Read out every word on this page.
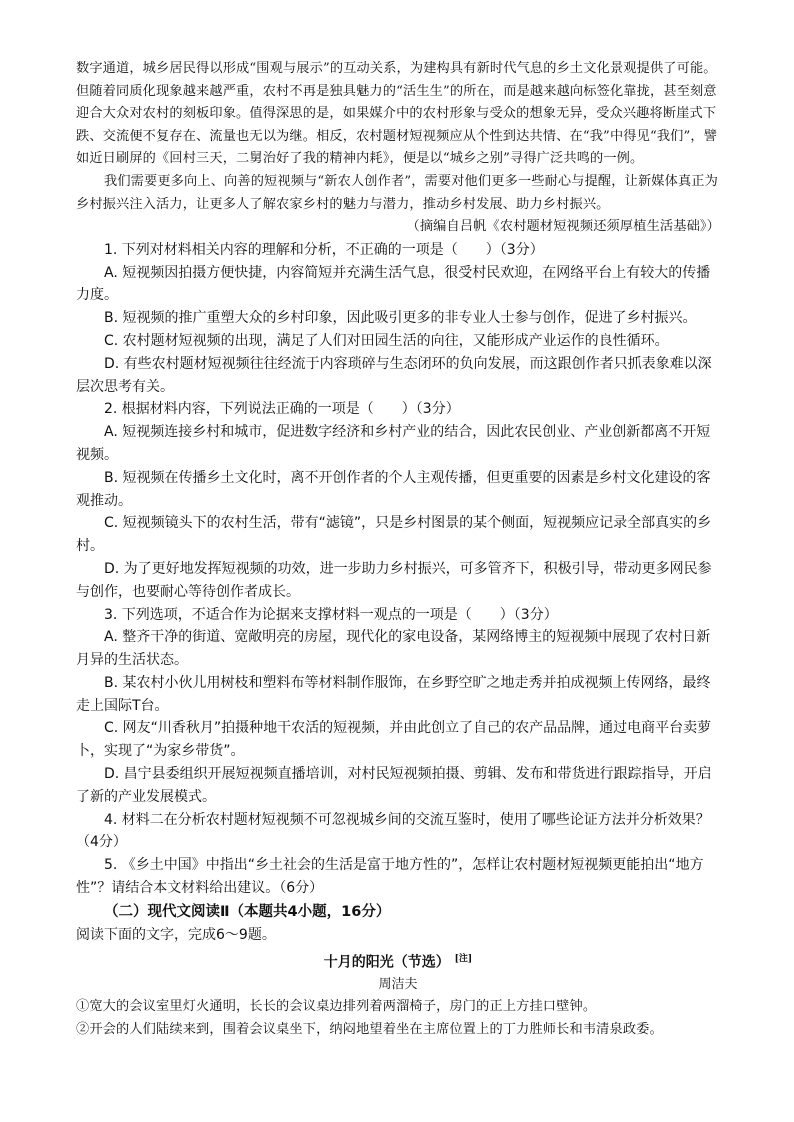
数字通道，城乡居民得以形成“围观与展示”的互动关系，为建构具有新时代气息的乡土文化景观提供了可能。但随着同质化现象越来越严重，农村不再是独具魅力的“活生生”的所在，而是越来越向标签化靠拢，甚至刻意迎合大众对农村的刻板印象。值得深思的是，如果媒介中的农村形象与受众的想象无异，受众兴趣将断崖式下跌、交流便不复存在、流量也无以为继。相反，农村题材短视频应从个性到达共情、在“我”中得见“我们”，譬如近日刷屏的《回村三天，二舅治好了我的精神内耗》，便是以“城乡之别”寻得广泛共鸣的一例。

我们需要更多向上、向善的短视频与“新农人创作者”，需要对他们更多一些耐心与提醒，让新媒体真正为乡村振兴注入活力，让更多人了解农家乡村的魅力与潜力，推动乡村发展、助力乡村振兴。

（摘编自吕帆《农村题材短视频还须厚植生活基础》）

1. 下列对材料相关内容的理解和分析，不正确的一项是（　　）（3分）

A. 短视频因拍摄方便快捷，内容简短并充满生活气息，很受村民欢迎，在网络平台上有较大的传播力度。

B. 短视频的推广重塑大众的乡村印象，因此吸引更多的非专业人士参与创作，促进了乡村振兴。

C. 农村题材短视频的出现，满足了人们对田园生活的向往，又能形成产业运作的良性循环。

D. 有些农村题材短视频往往经流于内容琐碎与生态闭环的负向发展，而这跟创作者只抓表象难以深层次思考有关。

2. 根据材料内容，下列说法正确的一项是（　　）（3分）

A. 短视频连接乡村和城市，促进数字经济和乡村产业的结合，因此农民创业、产业创新都离不开短视频。

B. 短视频在传播乡土文化时，离不开创作者的个人主观传播，但更重要的因素是乡村文化建设的客观推动。

C. 短视频镜头下的农村生活，带有“滤镜”，只是乡村图景的某个侧面，短视频应记录全部真实的乡村。

D. 为了更好地发挥短视频的功效，进一步助力乡村振兴，可多管齐下，积极引导，带动更多网民参与创作，也要耐心等待创作者成长。

3. 下列选项，不适合作为论据来支撑材料一观点的一项是（　　）（3分）

A. 整齐干净的街道、宽敞明亮的房屋，现代化的家电设备，某网络博主的短视频中展现了农村日新月异的生活状态。

B. 某农村小伙儿用树枝和塑料布等材料制作服饰，在乡野空旷之地走秀并拍成视频上传网络，最终走上国际T台。

C. 网友“川香秋月”拍摄种地干农活的短视频，并由此创立了自己的农产品品牌，通过电商平台卖萝卜，实现了“为家乡带货”。

D. 昌宁县委组织开展短视频直播培训，对村民短视频拍摄、剪辑、发布和带货进行跟踪指导，开启了新的产业发展模式。

4. 材料二在分析农村题材短视频不可忽视城乡间的交流互鉴时，使用了哪些论证方法并分析效果？（4分）

5. 《乡土中国》中指出“乡土社会的生活是富于地方性的”，怎样让农村题材短视频更能拍出“地方性”？请结合本文材料给出建议。（6分）

（二）现代文阅读Ⅱ（本题共4小题，16分）

阅读下面的文字，完成6～9题。

十月的阳光（节选） [注]

周洁夫

①宽大的会议室里灯火通明，长长的会议桌边排列着两溜椅子，房门的正上方挂口壁钟。

②开会的人们陆续来到，围着会议桌坐下，纳闷地望着坐在主席位置上的丁力胜师长和韦清泉政委。
